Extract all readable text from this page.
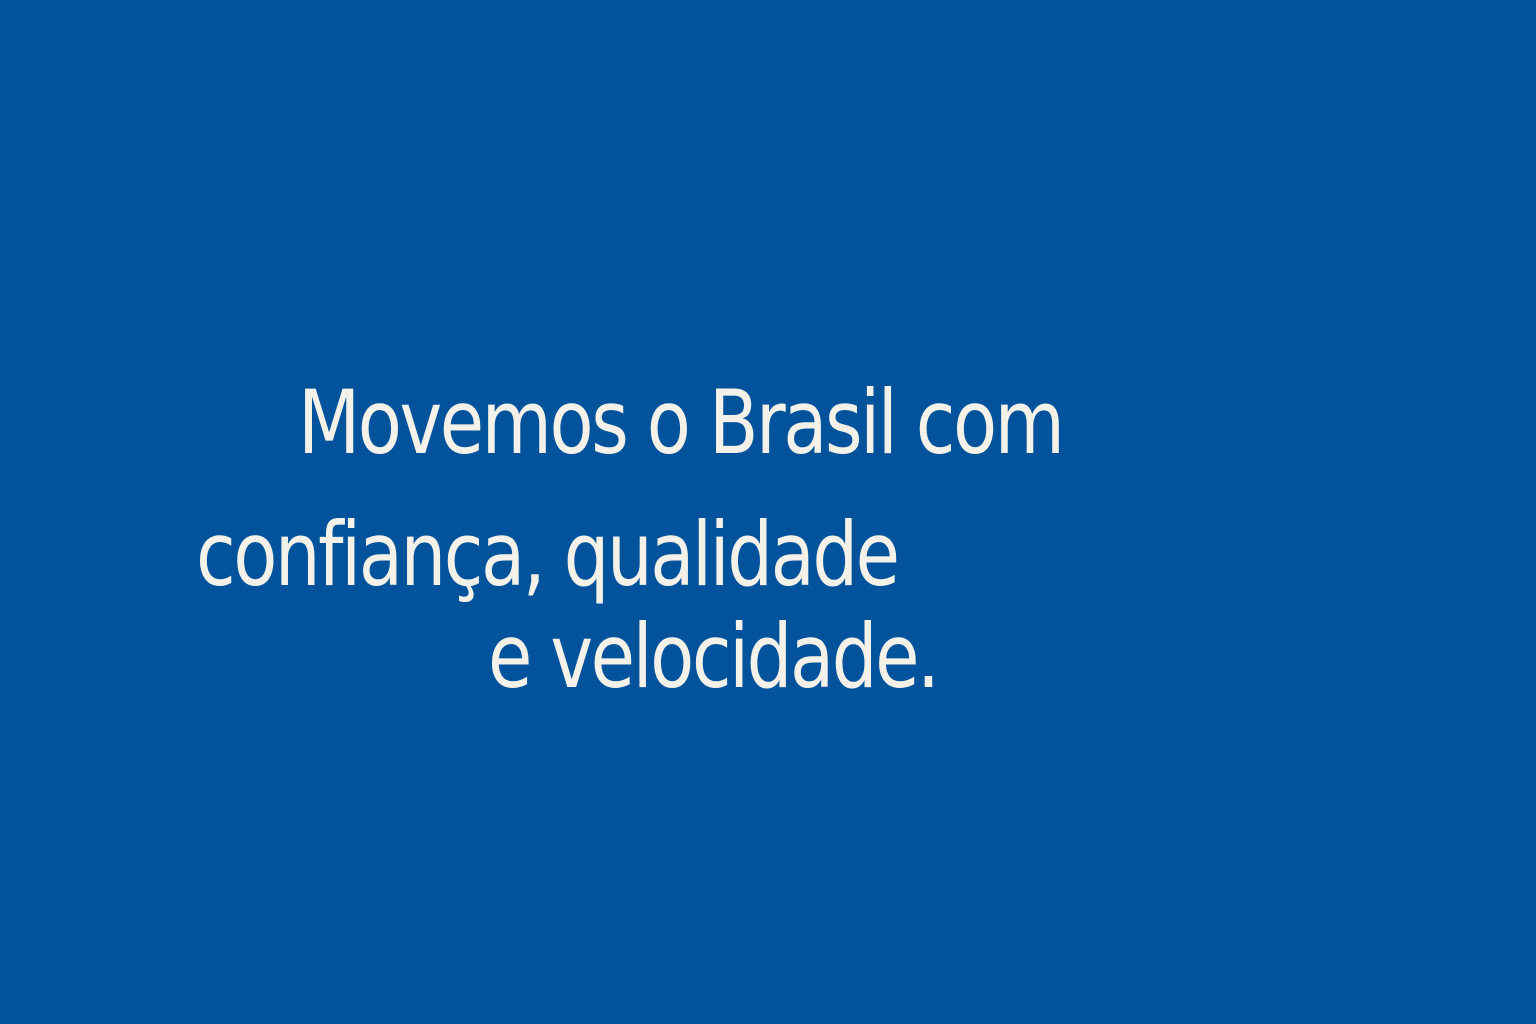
Movemos o Brasil com
confiança, qualidade
e velocidade.
